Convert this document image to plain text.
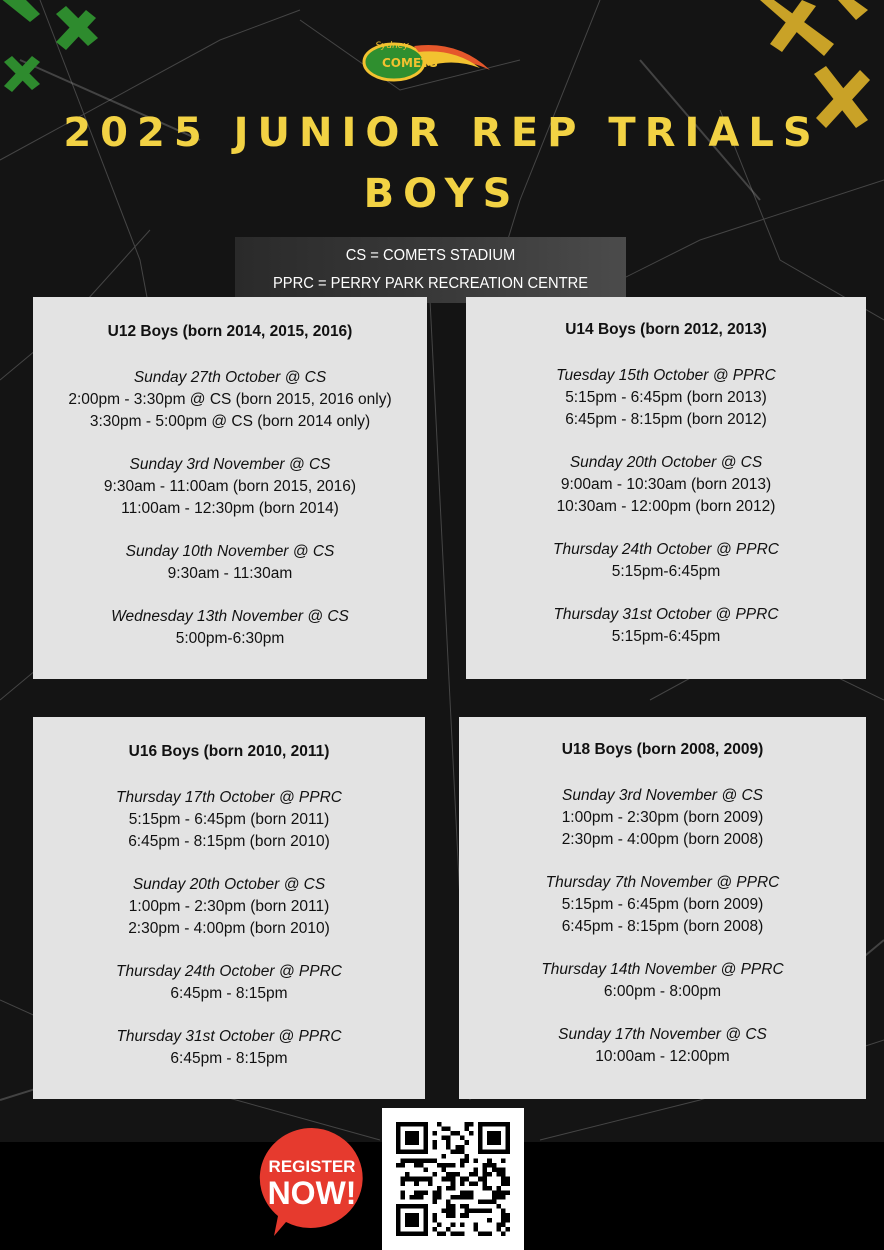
Sydney
COMETS
2025 JUNIOR REP TRIALS
BOYS
CS = COMETS STADIUM
PPRC = PERRY PARK RECREATION CENTRE
U12 Boys (born 2014, 2015, 2016)
Sunday 27th October @ CS
2:00pm - 3:30pm @ CS (born 2015, 2016 only)
3:30pm - 5:00pm @ CS (born 2014 only)
Sunday 3rd November @ CS
9:30am - 11:00am (born 2015, 2016)
11:00am - 12:30pm (born 2014)
Sunday 10th November @ CS
9:30am - 11:30am
Wednesday 13th November @ CS
5:00pm-6:30pm
U14 Boys (born 2012, 2013)
Tuesday 15th October @ PPRC
5:15pm - 6:45pm (born 2013)
6:45pm - 8:15pm (born 2012)
Sunday 20th October @ CS
9:00am - 10:30am (born 2013)
10:30am - 12:00pm (born 2012)
Thursday 24th October @ PPRC
5:15pm-6:45pm
Thursday 31st October @ PPRC
5:15pm-6:45pm
U16 Boys (born 2010, 2011)
Thursday 17th October @ PPRC
5:15pm - 6:45pm (born 2011)
6:45pm - 8:15pm (born 2010)
Sunday 20th October @ CS
1:00pm - 2:30pm (born 2011)
2:30pm - 4:00pm (born 2010)
Thursday 24th October @ PPRC
6:45pm - 8:15pm
Thursday 31st October @ PPRC
6:45pm - 8:15pm
U18 Boys (born 2008, 2009)
Sunday 3rd November @ CS
1:00pm - 2:30pm (born 2009)
2:30pm - 4:00pm (born 2008)
Thursday 7th November @ PPRC
5:15pm - 6:45pm (born 2009)
6:45pm - 8:15pm (born 2008)
Thursday 14th November @ PPRC
6:00pm - 8:00pm
Sunday 17th November @ CS
10:00am - 12:00pm
REGISTER
NOW!
